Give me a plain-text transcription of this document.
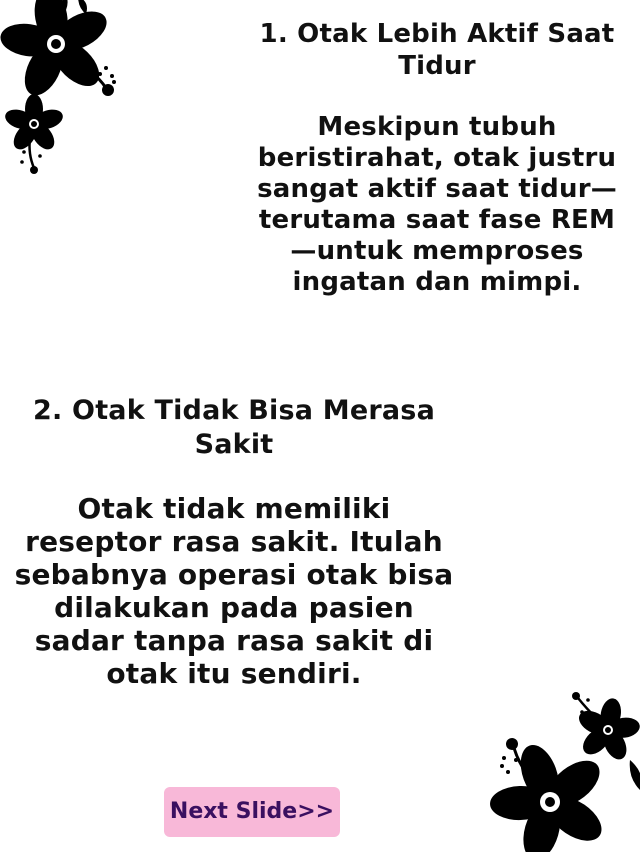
1. Otak Lebih Aktif Saat Tidur

Meskipun tubuh beristirahat, otak justru sangat aktif saat tidur—terutama saat fase REM—untuk memproses ingatan dan mimpi.

2. Otak Tidak Bisa Merasa Sakit

Otak tidak memiliki reseptor rasa sakit. Itulah sebabnya operasi otak bisa dilakukan pada pasien sadar tanpa rasa sakit di otak itu sendiri.

Next Slide>>
